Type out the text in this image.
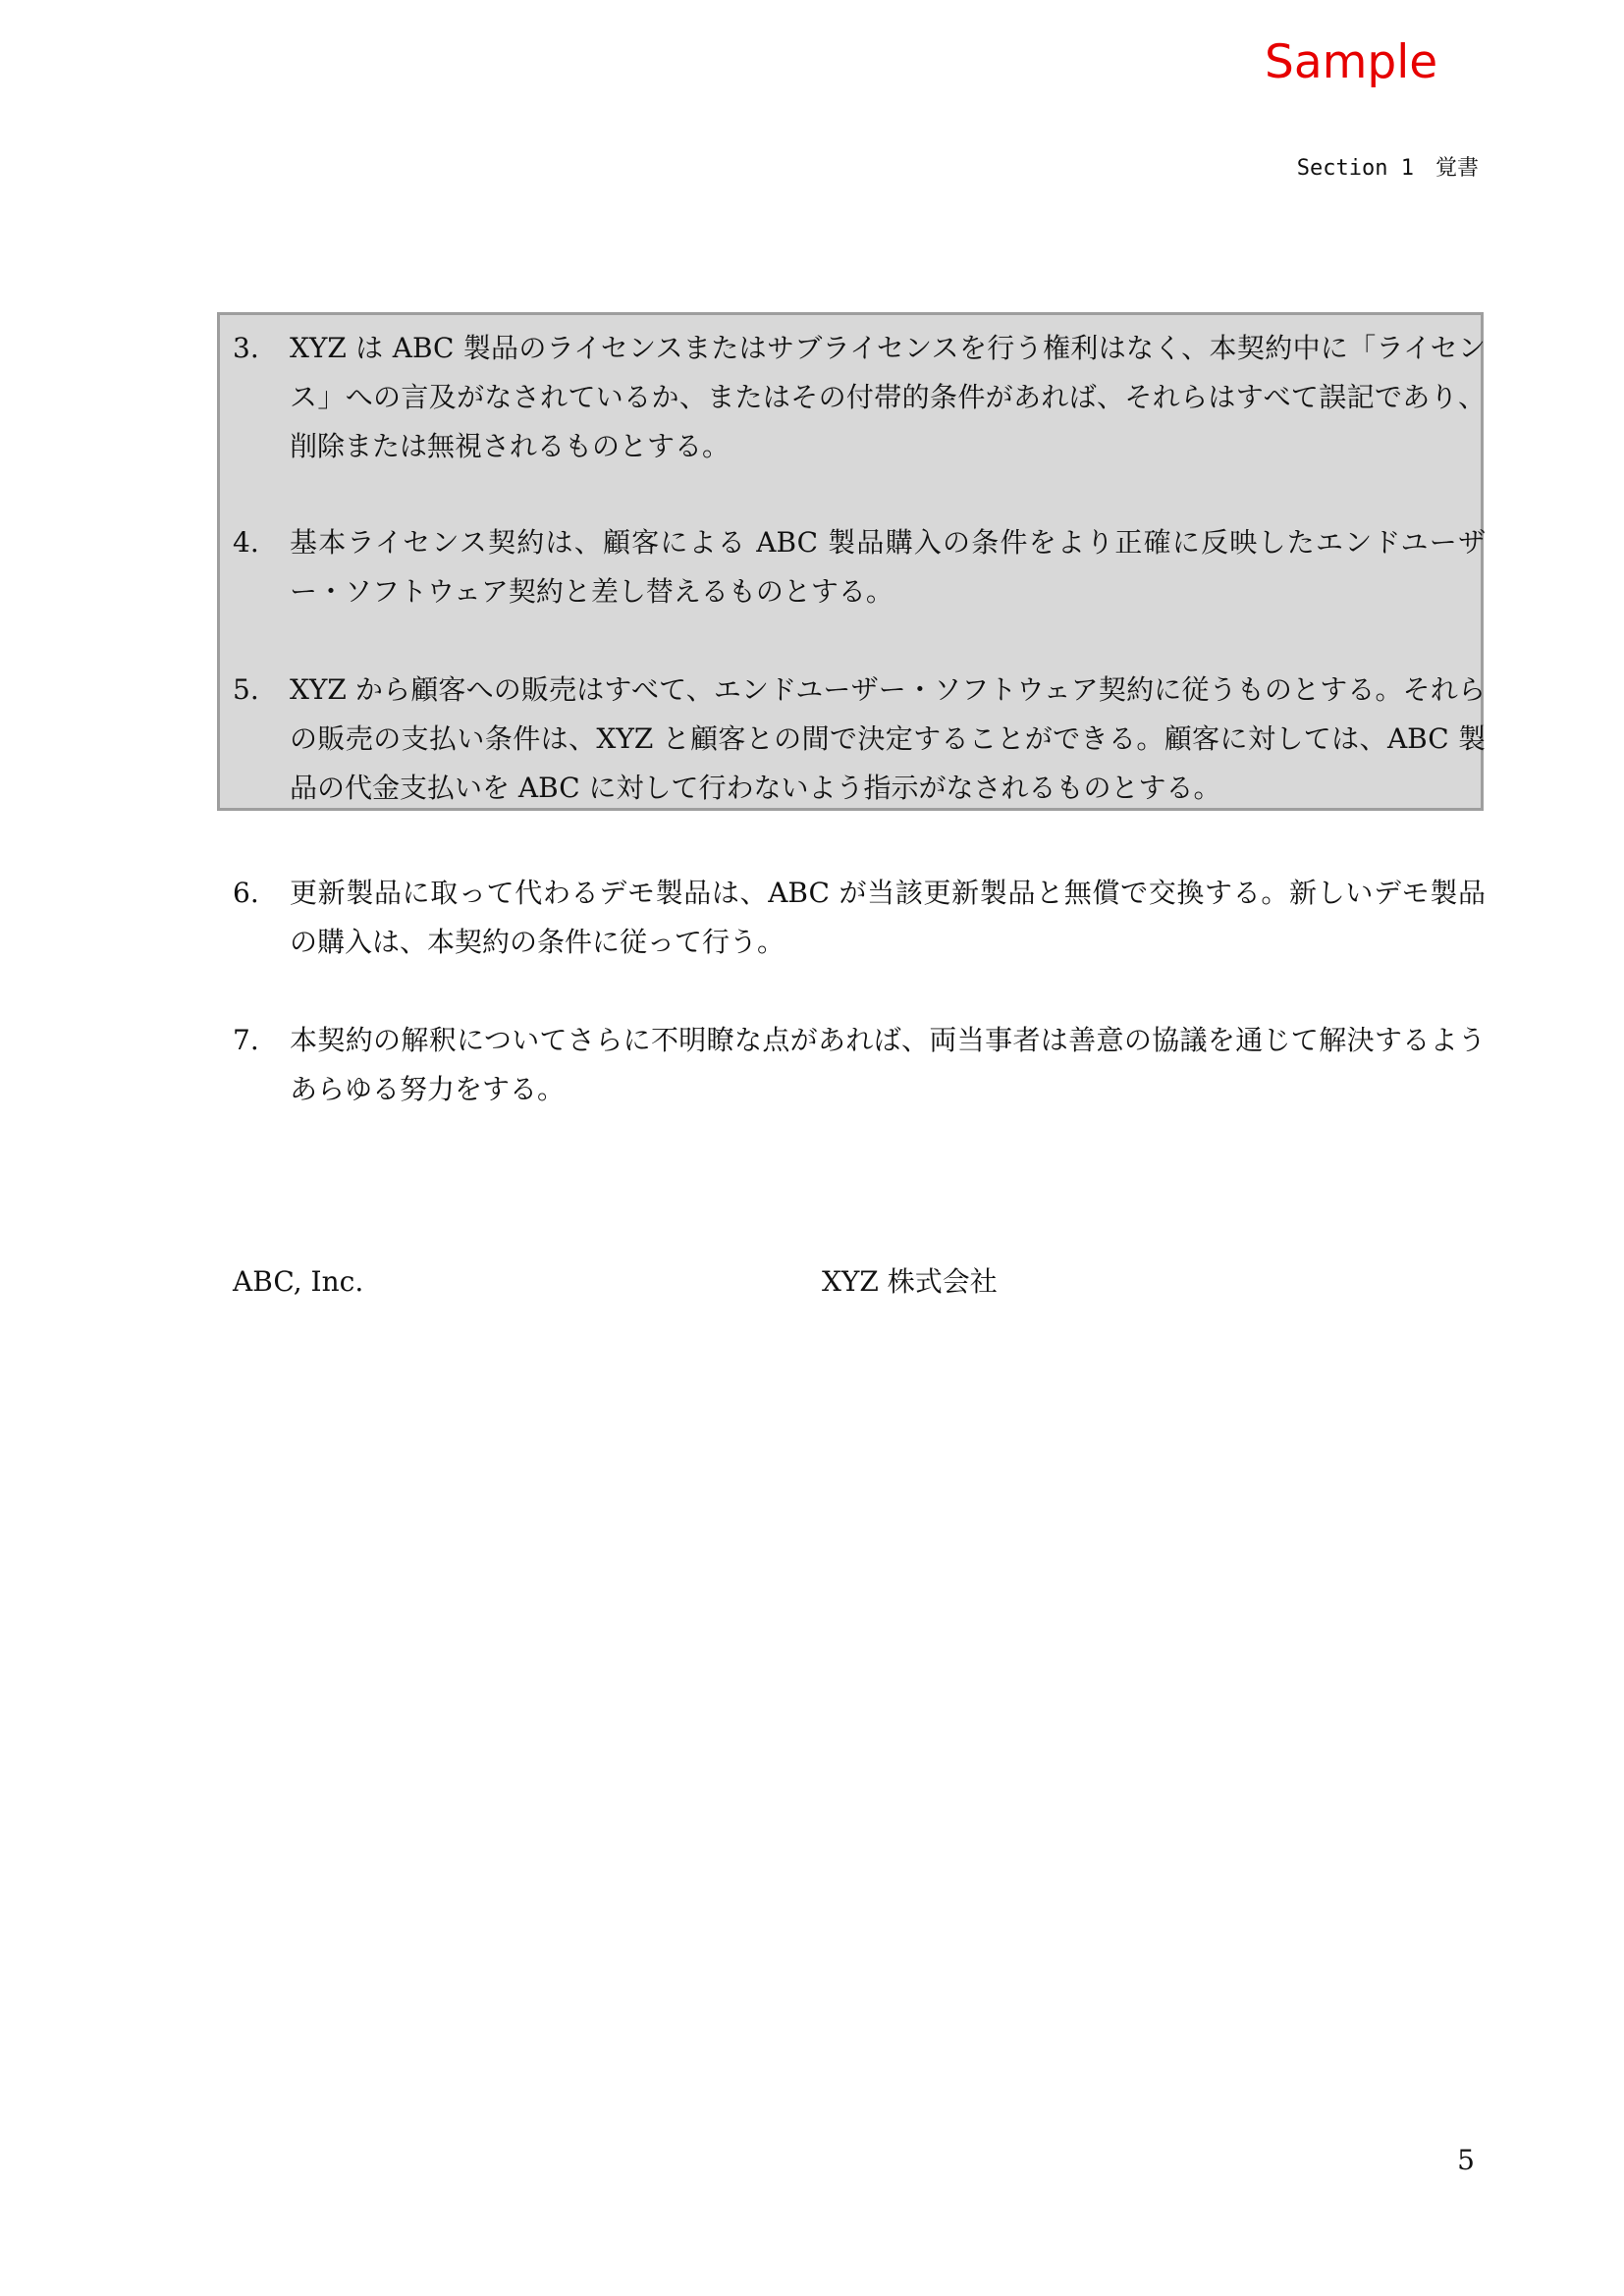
Sample
Section 1　覚書
3.	XYZ は ABC 製品のライセンスまたはサブライセンスを行う権利はなく、本契約中に「ライセンス」への言及がなされているか、またはその付帯的条件があれば、それらはすべて誤記であり、削除または無視されるものとする。
4.	基本ライセンス契約は、顧客による ABC 製品購入の条件をより正確に反映したエンドユーザー・ソフトウェア契約と差し替えるものとする。
5.	XYZ から顧客への販売はすべて、エンドユーザー・ソフトウェア契約に従うものとする。それらの販売の支払い条件は、XYZ と顧客との間で決定することができる。顧客に対しては、ABC 製品の代金支払いを ABC に対して行わないよう指示がなされるものとする。
6.	更新製品に取って代わるデモ製品は、ABC が当該更新製品と無償で交換する。新しいデモ製品の購入は、本契約の条件に従って行う。
7.	本契約の解釈についてさらに不明瞭な点があれば、両当事者は善意の協議を通じて解決するようあらゆる努力をする。
ABC, Inc.	XYZ 株式会社
5
